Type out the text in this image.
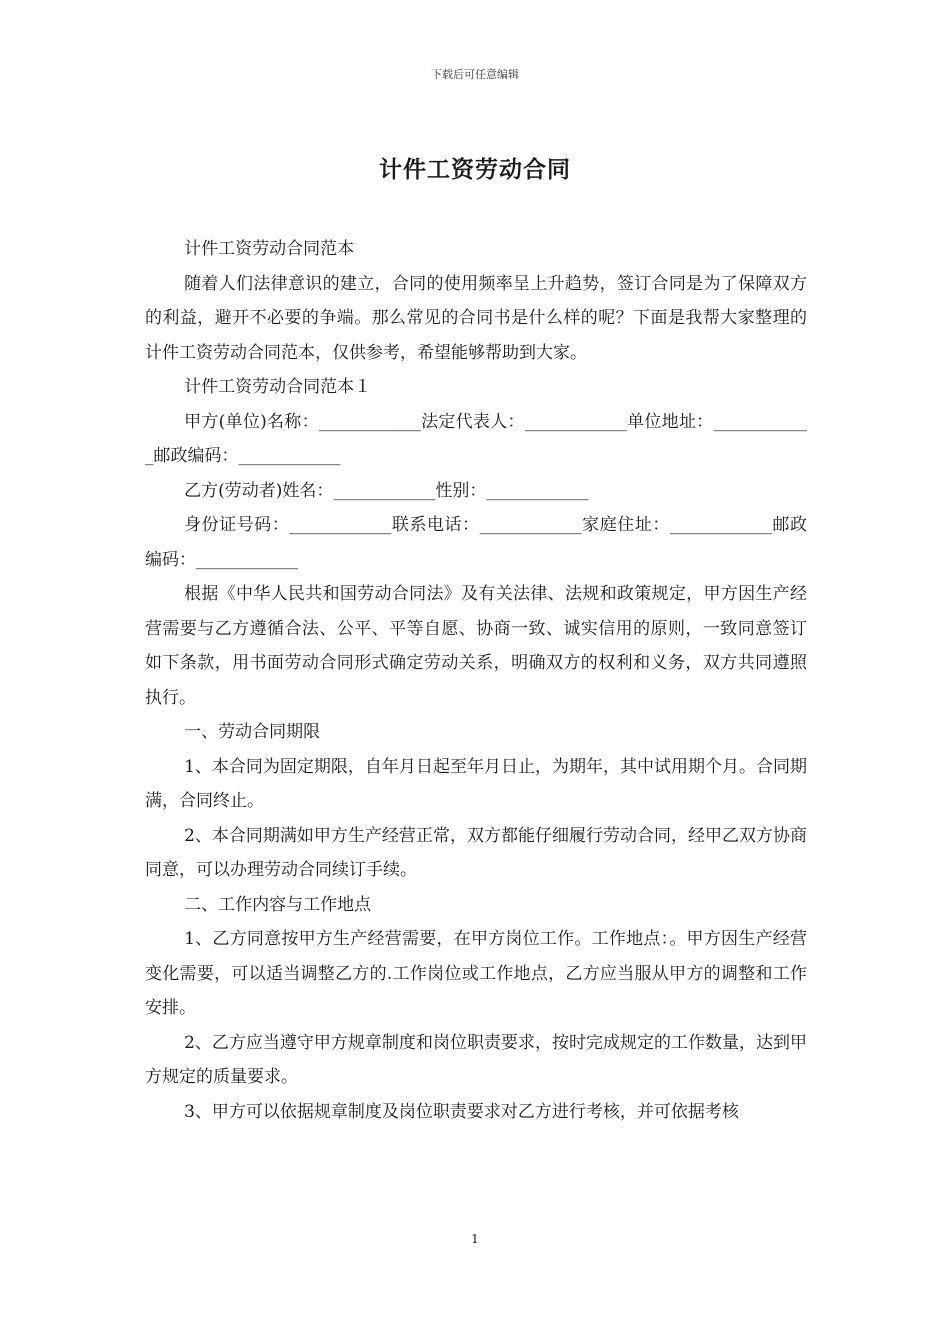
下载后可任意编辑
计件工资劳动合同

计件工资劳动合同范本

随着人们法律意识的建立，合同的使用频率呈上升趋势，签订合同是为了保障双方的利益，避开不必要的争端。那么常见的合同书是什么样的呢？下面是我帮大家整理的计件工资劳动合同范本，仅供参考，希望能够帮助到大家。

计件工资劳动合同范本１

甲方(单位)名称：____________法定代表人：____________单位地址：____________邮政编码：____________

乙方(劳动者)姓名：____________性别：____________

身份证号码：____________联系电话：____________家庭住址：____________邮政编码：____________

根据《中华人民共和国劳动合同法》及有关法律、法规和政策规定，甲方因生产经营需要与乙方遵循合法、公平、平等自愿、协商一致、诚实信用的原则，一致同意签订如下条款，用书面劳动合同形式确定劳动关系，明确双方的权利和义务，双方共同遵照执行。

一、劳动合同期限

1、本合同为固定期限，自年月日起至年月日止，为期年，其中试用期个月。合同期满，合同终止。

2、本合同期满如甲方生产经营正常，双方都能仔细履行劳动合同，经甲乙双方协商同意，可以办理劳动合同续订手续。

二、工作内容与工作地点

1、乙方同意按甲方生产经营需要，在甲方岗位工作。工作地点：。甲方因生产经营变化需要，可以适当调整乙方的.工作岗位或工作地点，乙方应当服从甲方的调整和工作安排。

2、乙方应当遵守甲方规章制度和岗位职责要求，按时完成规定的工作数量，达到甲方规定的质量要求。

3、甲方可以依据规章制度及岗位职责要求对乙方进行考核，并可依据考核

1
